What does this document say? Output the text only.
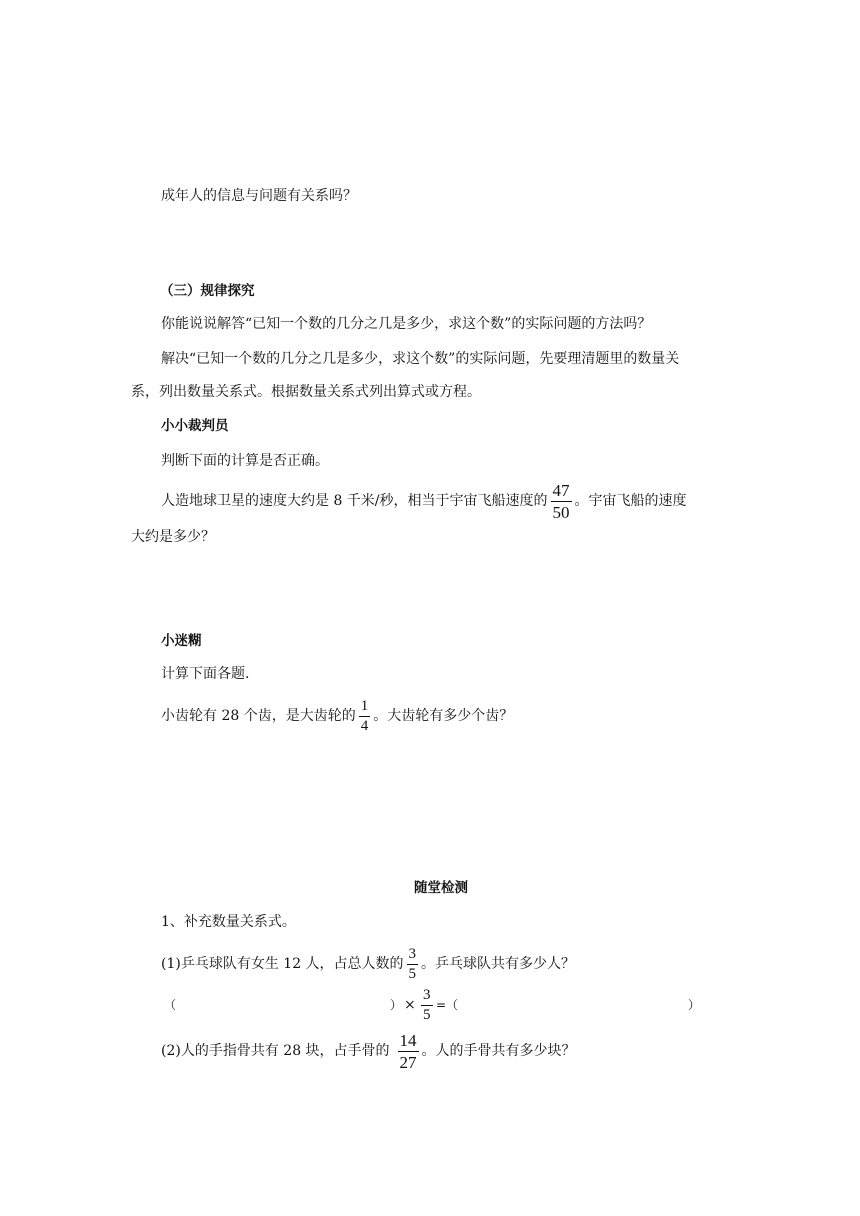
成年人的信息与问题有关系吗？
（三）规律探究
你能说说解答“已知一个数的几分之几是多少，求这个数”的实际问题的方法吗？
解决“已知一个数的几分之几是多少，求这个数”的实际问题，先要理清题里的数量关
系，列出数量关系式。根据数量关系式列出算式或方程。
小小裁判员
判断下面的计算是否正确。
人造地球卫星的速度大约是 8 千米/秒，相当于宇宙飞船速度的 $\frac{47}{50}$ 。宇宙飞船的速度
大约是多少？
小迷糊
计算下面各题.
小齿轮有 28 个齿，是大齿轮的 $\frac{1}{4}$ 。大齿轮有多少个齿？
随堂检测
1、补充数量关系式。
(1)乒乓球队有女生 12 人，占总人数的 $\frac{3}{5}$ 。乒乓球队共有多少人？
（	） × $\frac{3}{5}$ = （	）
(2)人的手指骨共有 28 块，占手骨的 $\frac{14}{27}$ 。人的手骨共有多少块？
